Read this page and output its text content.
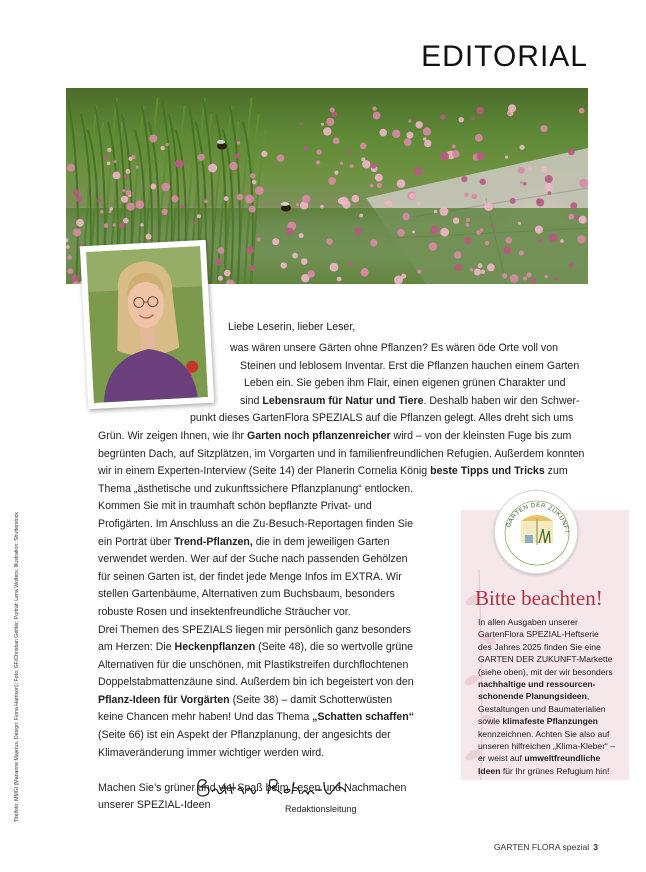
EDITORIAL
Liebe Leserin, lieber Leser,
was wären unsere Gärten ohne Pflanzen? Es wären öde Orte voll von
Steinen und leblosem Inventar. Erst die Pflanzen hauchen einem Garten
Leben ein. Sie geben ihm Flair, einen eigenen grünen Charakter und
sind Lebensraum für Natur und Tiere. Deshalb haben wir den Schwer-
punkt dieses GartenFlora SPEZIALS auf die Pflanzen gelegt. Alles dreht sich ums
Grün. Wir zeigen Ihnen, wie Ihr Garten noch pflanzenreicher wird – von der kleinsten Fuge bis zum
begrünten Dach, auf Sitzplätzen, im Vorgarten und in familienfreundlichen Refugien. Außerdem konnten
wir in einem Experten-Interview (Seite 14) der Planerin Cornelia König beste Tipps und Tricks zum
Thema „ästhetische und zukunftssichere Pflanzplanung“ entlocken.
Kommen Sie mit in traumhaft schön bepflanzte Privat- und
Profigärten. Im Anschluss an die Zu-Besuch-Reportagen finden Sie
ein Porträt über Trend-Pflanzen, die in dem jeweiligen Garten
verwendet werden. Wer auf der Suche nach passenden Gehölzen
für seinen Garten ist, der findet jede Menge Infos im EXTRA. Wir
stellen Gartenbäume, Alternativen zum Buchsbaum, besonders
robuste Rosen und insektenfreundliche Sträucher vor.
Drei Themen des SPEZIALS liegen mir persönlich ganz besonders
am Herzen: Die Heckenpflanzen (Seite 48), die so wertvolle grüne
Alternativen für die unschönen, mit Plastikstreifen durchflochtenen
Doppelstabmattenzäune sind. Außerdem bin ich begeistert von den
Pflanz-Ideen für Vorgärten (Seite 38) – damit Schotterwüsten
keine Chancen mehr haben! Und das Thema „Schatten schaffen“
(Seite 66) ist ein Aspekt der Pflanzplanung, der angesichts der
Klimaveränderung immer wichtiger werden wird.

Machen Sie’s grüner und viel Spaß beim Lesen und Nachmachen
unserer SPEZIAL-Ideen
Titelfoto: MMGI (Marianne Majerus, Design: Fiona Harrison); Foto: GF/Christian Gehler; Porträt: Lena Wolters; Illustration: Shutterstock	Redaktionsleitung
GARTEN DER ZUKUNFT
Bitte beachten!
In allen Ausgaben unserer
GartenFlora SPEZIAL-Heftserie
des Jahres 2025 finden Sie eine
GARTEN DER ZUKUNFT-Markette
(siehe oben), mit der wir besonders
nachhaltige und ressourcen-
schonende Planungsideen,
Gestaltungen und Baumaterialien
sowie klimafeste Pflanzungen
kennzeichnen. Achten Sie also auf
unseren hilfreichen „Klima-Kleber“ –
er weist auf umweltfreundliche
Ideen für Ihr grünes Refugium hin!
GARTEN FLORA spezial 3
